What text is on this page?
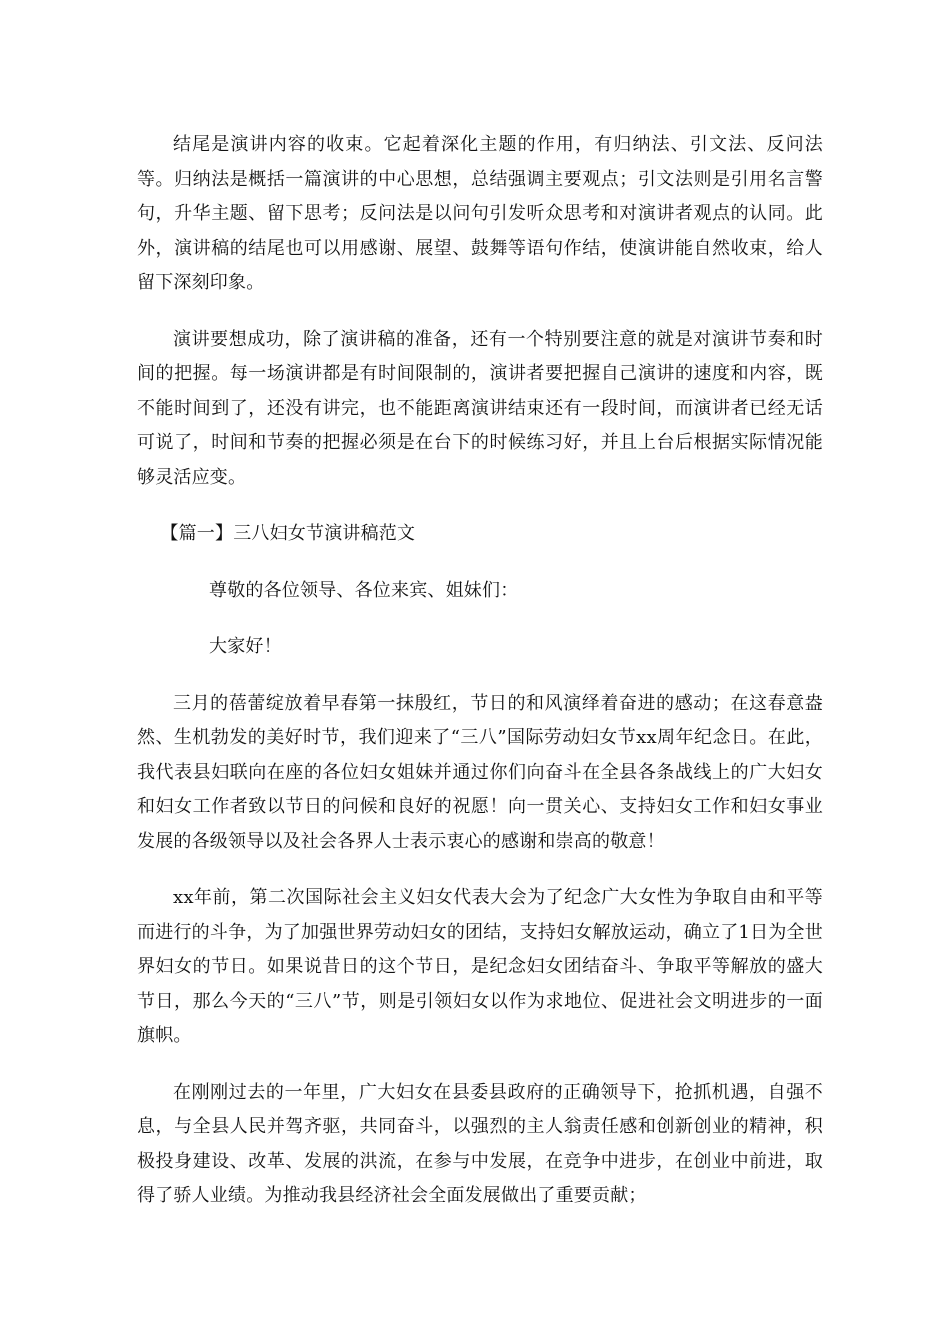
结尾是演讲内容的收束。它起着深化主题的作用，有归纳法、引文法、反问法等。归纳法是概括一篇演讲的中心思想，总结强调主要观点；引文法则是引用名言警句，升华主题、留下思考；反问法是以问句引发听众思考和对演讲者观点的认同。此外，演讲稿的结尾也可以用感谢、展望、鼓舞等语句作结，使演讲能自然收束，给人留下深刻印象。

演讲要想成功，除了演讲稿的准备，还有一个特别要注意的就是对演讲节奏和时间的把握。每一场演讲都是有时间限制的，演讲者要把握自己演讲的速度和内容，既不能时间到了，还没有讲完，也不能距离演讲结束还有一段时间，而演讲者已经无话可说了，时间和节奏的把握必须是在台下的时候练习好，并且上台后根据实际情况能够灵活应变。

【篇一】三八妇女节演讲稿范文

尊敬的各位领导、各位来宾、姐妹们：

大家好！

三月的蓓蕾绽放着早春第一抹殷红，节日的和风演绎着奋进的感动；在这春意盎然、生机勃发的美好时节，我们迎来了“三八”国际劳动妇女节xx周年纪念日。在此，我代表县妇联向在座的各位妇女姐妹并通过你们向奋斗在全县各条战线上的广大妇女和妇女工作者致以节日的问候和良好的祝愿！向一贯关心、支持妇女工作和妇女事业发展的各级领导以及社会各界人士表示衷心的感谢和崇高的敬意！

xx年前，第二次国际社会主义妇女代表大会为了纪念广大女性为争取自由和平等而进行的斗争，为了加强世界劳动妇女的团结，支持妇女解放运动，确立了1日为全世界妇女的节日。如果说昔日的这个节日，是纪念妇女团结奋斗、争取平等解放的盛大节日，那么今天的“三八”节，则是引领妇女以作为求地位、促进社会文明进步的一面旗帜。

在刚刚过去的一年里，广大妇女在县委县政府的正确领导下，抢抓机遇，自强不息，与全县人民并驾齐驱，共同奋斗，以强烈的主人翁责任感和创新创业的精神，积极投身建设、改革、发展的洪流，在参与中发展，在竞争中进步，在创业中前进，取得了骄人业绩。为推动我县经济社会全面发展做出了重要贡献；
